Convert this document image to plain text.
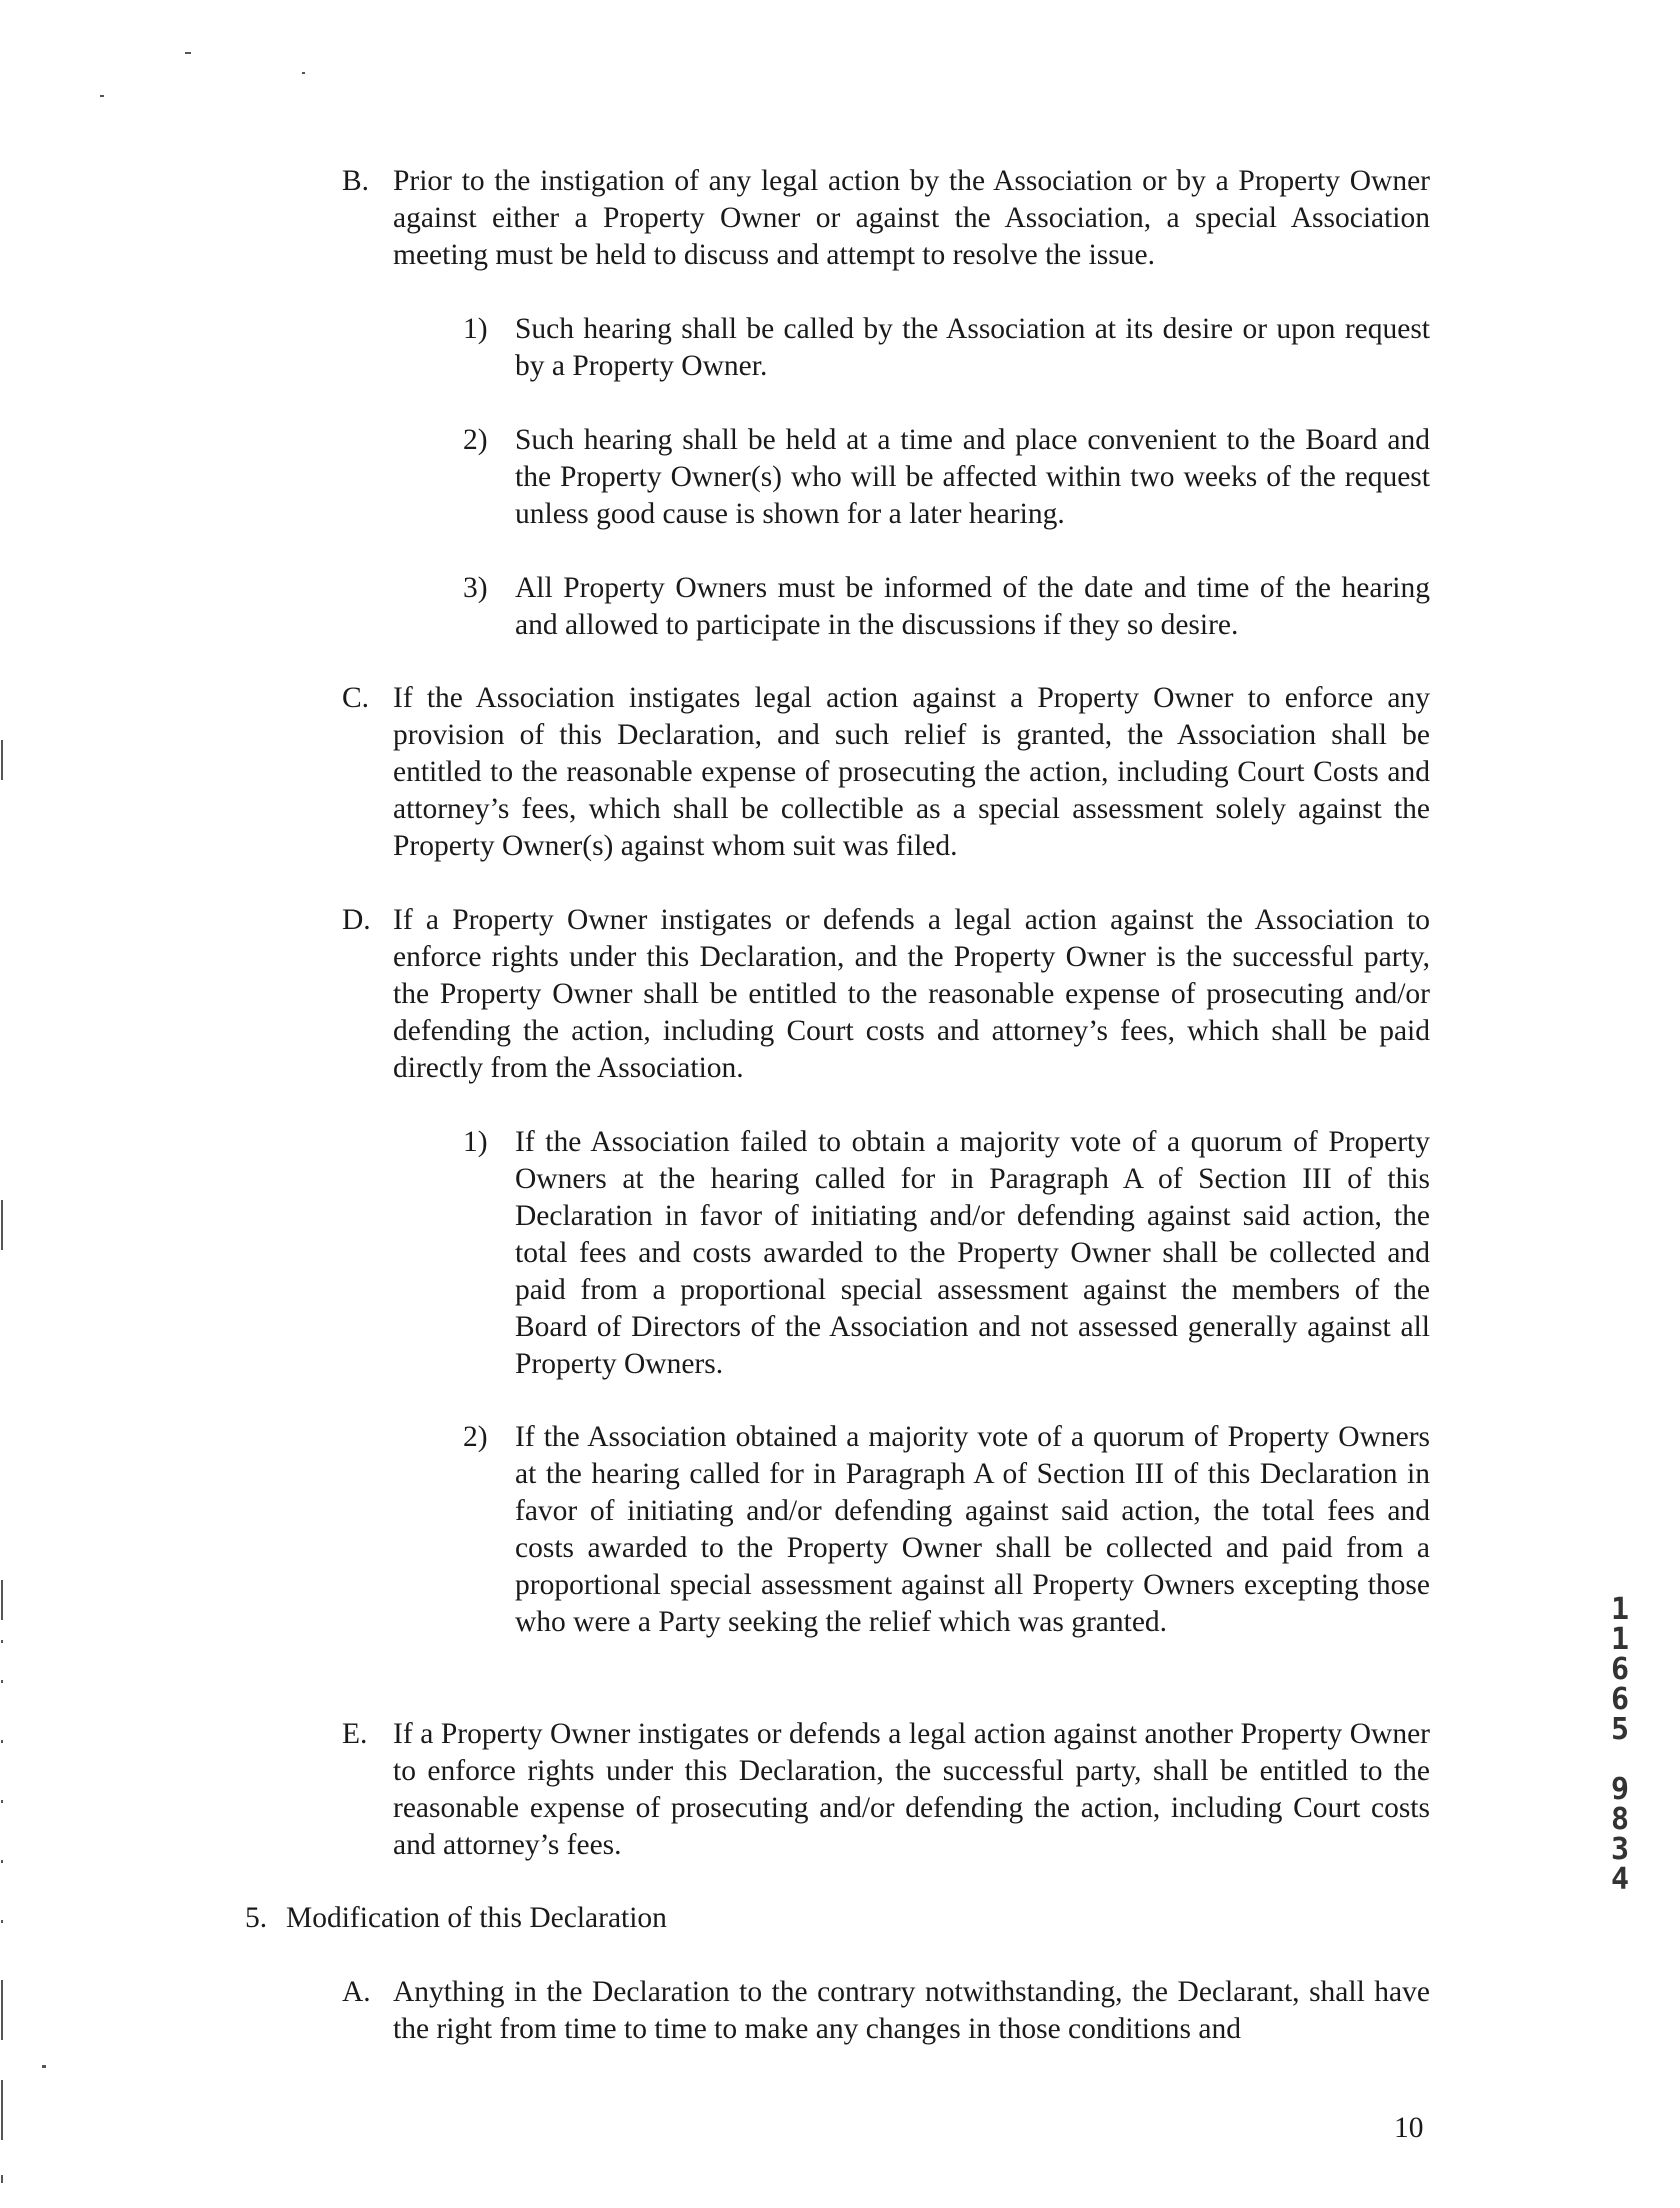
B. Prior to the instigation of any legal action by the Association or by a Property Owner against either a Property Owner or against the Association, a special Association meeting must be held to discuss and attempt to resolve the issue.
1) Such hearing shall be called by the Association at its desire or upon request by a Property Owner.
2) Such hearing shall be held at a time and place convenient to the Board and the Property Owner(s) who will be affected within two weeks of the request unless good cause is shown for a later hearing.
3) All Property Owners must be informed of the date and time of the hearing and allowed to participate in the discussions if they so desire.
C. If the Association instigates legal action against a Property Owner to enforce any provision of this Declaration, and such relief is granted, the Association shall be entitled to the reasonable expense of prosecuting the action, including Court Costs and attorney’s fees, which shall be collectible as a special assessment solely against the Property Owner(s) against whom suit was filed.
D. If a Property Owner instigates or defends a legal action against the Association to enforce rights under this Declaration, and the Property Owner is the successful party, the Property Owner shall be entitled to the reasonable expense of prosecuting and/or defending the action, including Court costs and attorney’s fees, which shall be paid directly from the Association.
1) If the Association failed to obtain a majority vote of a quorum of Property Owners at the hearing called for in Paragraph A of Section III of this Declaration in favor of initiating and/or defending against said action, the total fees and costs awarded to the Property Owner shall be collected and paid from a proportional special assessment against the members of the Board of Directors of the Association and not assessed generally against all Property Owners.
2) If the Association obtained a majority vote of a quorum of Property Owners at the hearing called for in Paragraph A of Section III of this Declaration in favor of initiating and/or defending against said action, the total fees and costs awarded to the Property Owner shall be collected and paid from a proportional special assessment against all Property Owners excepting those who were a Party seeking the relief which was granted.
E. If a Property Owner instigates or defends a legal action against another Property Owner to enforce rights under this Declaration, the successful party, shall be entitled to the reasonable expense of prosecuting and/or defending the action, including Court costs and attorney’s fees.
5. Modification of this Declaration
A. Anything in the Declaration to the contrary notwithstanding, the Declarant, shall have the right from time to time to make any changes in those conditions and
10
1
1
6
6
5
9
8
3
4
